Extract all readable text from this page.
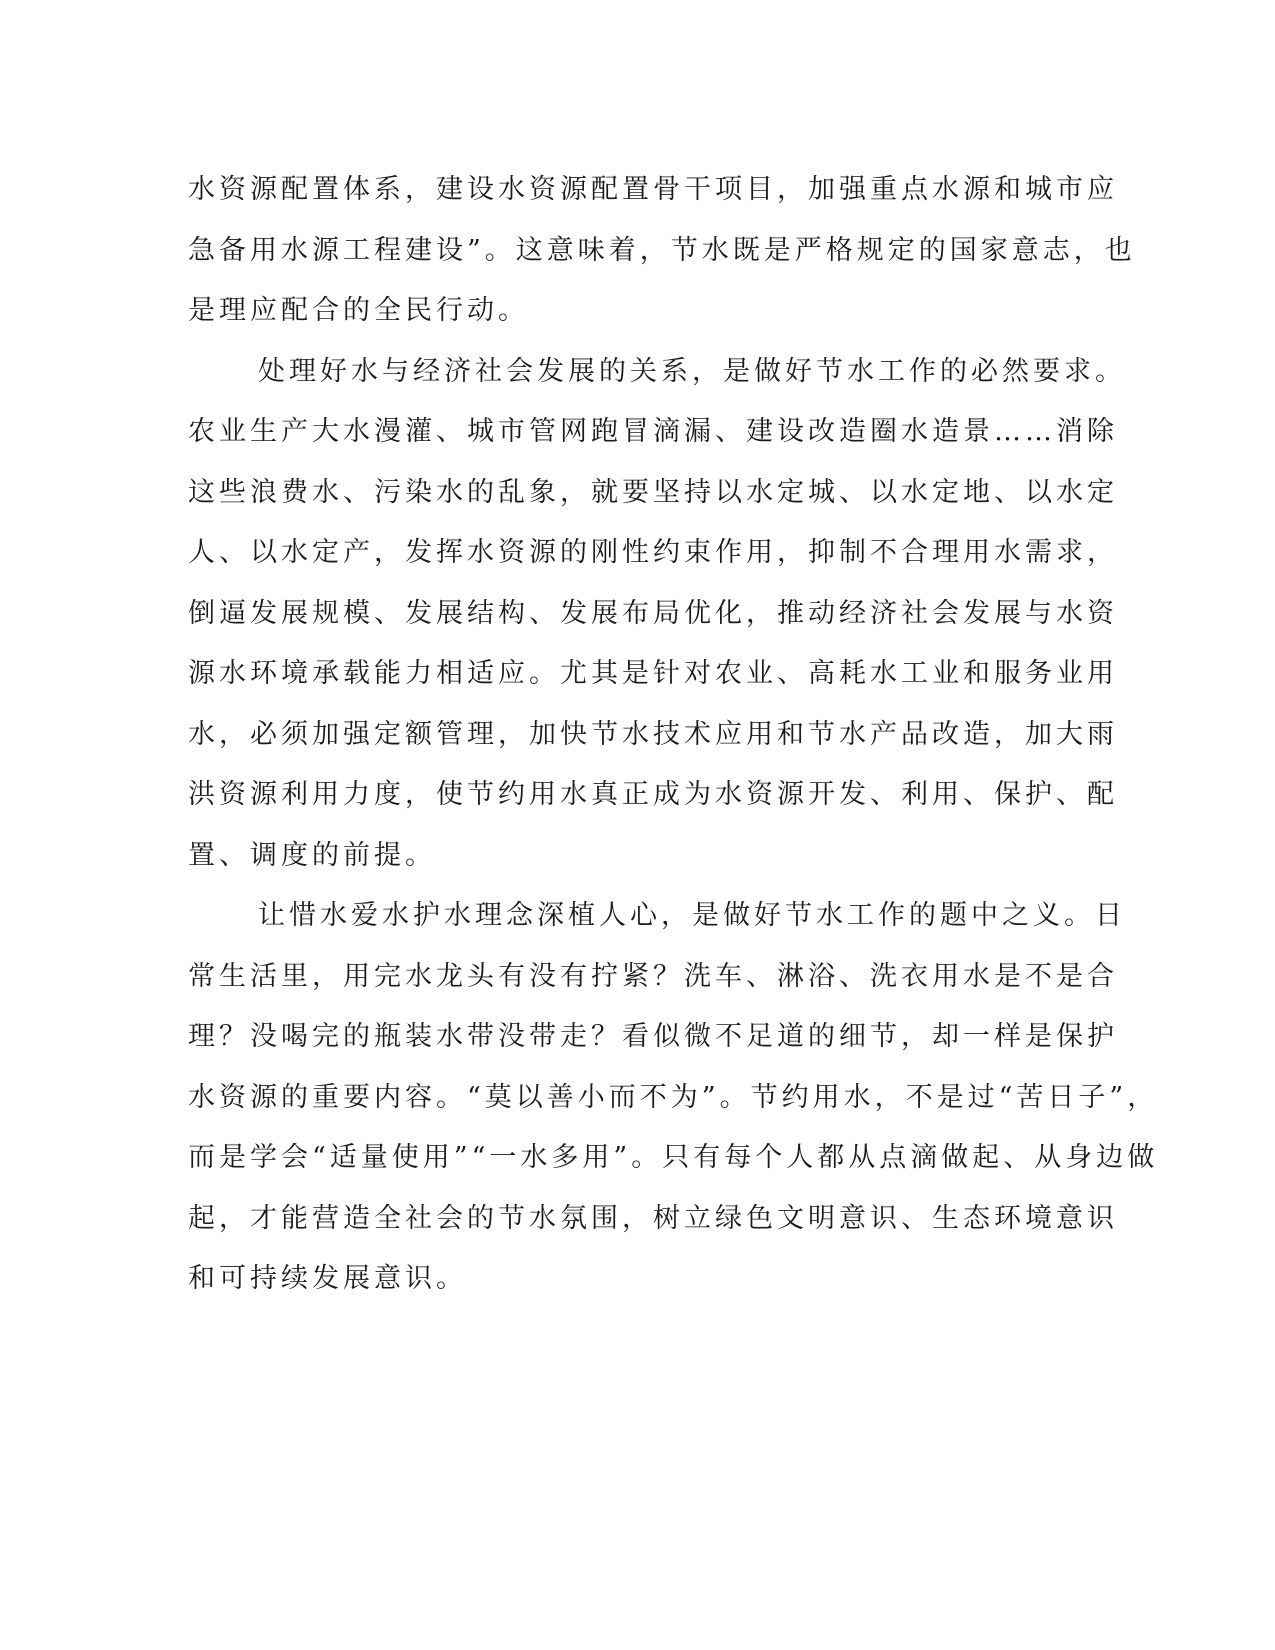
水资源配置体系，建设水资源配置骨干项目，加强重点水源和城市应
急备用水源工程建设”。这意味着，节水既是严格规定的国家意志，也
是理应配合的全民行动。
处理好水与经济社会发展的关系，是做好节水工作的必然要求。
农业生产大水漫灌、城市管网跑冒滴漏、建设改造圈水造景……消除
这些浪费水、污染水的乱象，就要坚持以水定城、以水定地、以水定
人、以水定产，发挥水资源的刚性约束作用，抑制不合理用水需求，
倒逼发展规模、发展结构、发展布局优化，推动经济社会发展与水资
源水环境承载能力相适应。尤其是针对农业、高耗水工业和服务业用
水，必须加强定额管理，加快节水技术应用和节水产品改造，加大雨
洪资源利用力度，使节约用水真正成为水资源开发、利用、保护、配
置、调度的前提。
让惜水爱水护水理念深植人心，是做好节水工作的题中之义。日
常生活里，用完水龙头有没有拧紧？洗车、淋浴、洗衣用水是不是合
理？没喝完的瓶装水带没带走？看似微不足道的细节，却一样是保护
水资源的重要内容。“莫以善小而不为”。节约用水，不是过“苦日子”，
而是学会“适量使用”“一水多用”。只有每个人都从点滴做起、从身边做
起，才能营造全社会的节水氛围，树立绿色文明意识、生态环境意识
和可持续发展意识。
